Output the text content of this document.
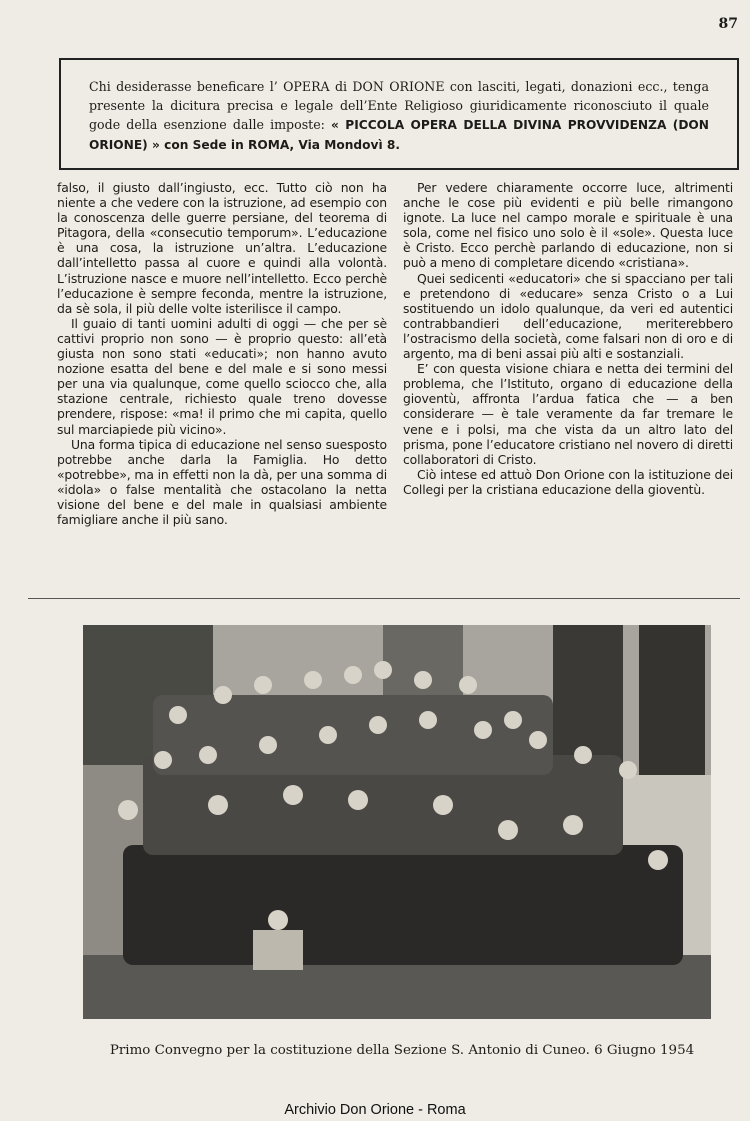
87
Chi desiderasse beneficare l’ OPERA di DON ORIONE con lasciti, legati, donazioni ecc., tenga presente la dicitura precisa e legale dell’Ente Religioso giuridicamente riconosciuto il quale gode della esenzione dalle imposte: « PICCOLA OPERA DELLA DIVINA PROVVIDENZA (DON ORIONE) » con Sede in ROMA, Via Mondovì 8.

falso, il giusto dall’ingiusto, ecc. Tutto ciò non ha niente a che vedere con la istruzione, ad esempio con la conoscenza delle guerre persiane, del teorema di Pitagora, della «consecutio temporum». L’educazione è una cosa, la istruzione un’altra. L’educazione dall’intelletto passa al cuore e quindi alla volontà. L’istruzione nasce e muore nell’intelletto. Ecco perchè l’educazione è sempre feconda, mentre la istruzione, da sè sola, il più delle volte isterilisce il campo.

Il guaio di tanti uomini adulti di oggi — che per sè cattivi proprio non sono — è proprio questo: all’età giusta non sono stati «educati»; non hanno avuto nozione esatta del bene e del male e si sono messi per una via qualunque, come quello sciocco che, alla stazione centrale, richiesto quale treno dovesse prendere, rispose: «ma! il primo che mi capita, quello sul marciapiede più vicino».

Una forma tipica di educazione nel senso suesposto potrebbe anche darla la Famiglia. Ho detto «potrebbe», ma in effetti non la dà, per una somma di «idola» o false mentalità che ostacolano la netta visione del bene e del male in qualsiasi ambiente famigliare anche il più sano.

Per vedere chiaramente occorre luce, altrimenti anche le cose più evidenti e più belle rimangono ignote. La luce nel campo morale e spirituale è una sola, come nel fisico uno solo è il «sole». Questa luce è Cristo. Ecco perchè parlando di educazione, non si può a meno di completare dicendo «cristiana».

Quei sedicenti «educatori» che si spacciano per tali e pretendono di «educare» senza Cristo o a Lui sostituendo un idolo qualunque, da veri ed autentici contrabbandieri dell’educazione, meriterebbero l’ostracismo della società, come falsari non di oro e di argento, ma di beni assai più alti e sostanziali.

E’ con questa visione chiara e netta dei termini del problema, che l’Istituto, organo di educazione della gioventù, affronta l’ardua fatica che — a ben considerare — è tale veramente da far tremare le vene e i polsi, ma che vista da un altro lato del prisma, pone l’educatore cristiano nel novero di diretti collaboratori di Cristo.

Ciò intese ed attuò Don Orione con la istituzione dei Collegi per la cristiana educazione della gioventù.

Primo Convegno per la costituzione della Sezione S. Antonio di Cuneo. 6 Giugno 1954
Archivio Don Orione - Roma
